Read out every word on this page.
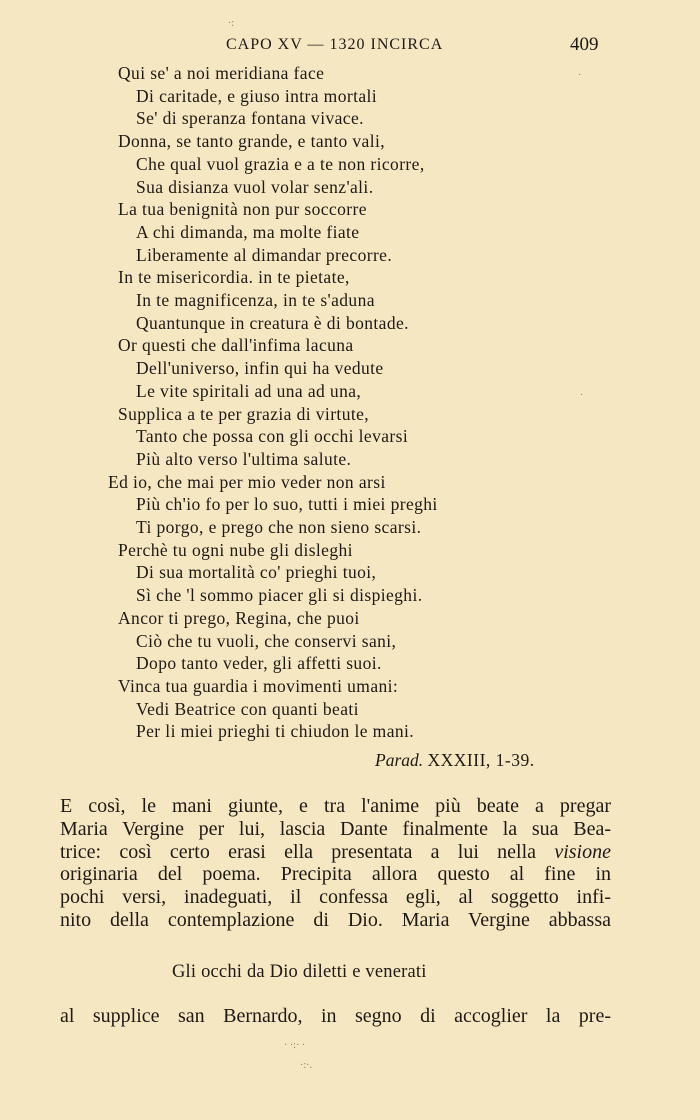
CAPO XV — 1320 INCIRCA	409
Qui se' a noi meridiana face
Di caritade, e giuso intra mortali
Se' di speranza fontana vivace.
Donna, se tanto grande, e tanto vali,
Che qual vuol grazia e a te non ricorre,
Sua disianza vuol volar senz'ali.
La tua benignità non pur soccorre
A chi dimanda, ma molte fiate
Liberamente al dimandar precorre.
In te misericordia. in te pietate,
In te magnificenza, in te s'aduna
Quantunque in creatura è di bontade.
Or questi che dall'infima lacuna
Dell'universo, infin qui ha vedute
Le vite spiritali ad una ad una,
Supplica a te per grazia di virtute,
Tanto che possa con gli occhi levarsi
Più alto verso l'ultima salute.
Ed io, che mai per mio veder non arsi
Più ch'io fo per lo suo, tutti i miei preghi
Ti porgo, e prego che non sieno scarsi.
Perchè tu ogni nube gli disleghi
Di sua mortalità co' prieghi tuoi,
Sì che 'l sommo piacer gli si dispieghi.
Ancor ti prego, Regina, che puoi
Ciò che tu vuoli, che conservi sani,
Dopo tanto veder, gli affetti suoi.
Vinca tua guardia i movimenti umani:
Vedi Beatrice con quanti beati
Per li miei prieghi ti chiudon le mani.
Parad. XXXIII, 1-39.
E così, le mani giunte, e tra l'anime più beate a pregar
Maria Vergine per lui, lascia Dante finalmente la sua Bea-
trice: così certo erasi ella presentata a lui nella visione
originaria del poema. Precipita allora questo al fine in
pochi versi, inadeguati, il confessa egli, al soggetto infi-
nito della contemplazione di Dio. Maria Vergine abbassa
Gli occhi da Dio diletti e venerati
al supplice san Bernardo, in segno di accoglier la pre-
·:
·
·
· ·:· ·
·:·.
